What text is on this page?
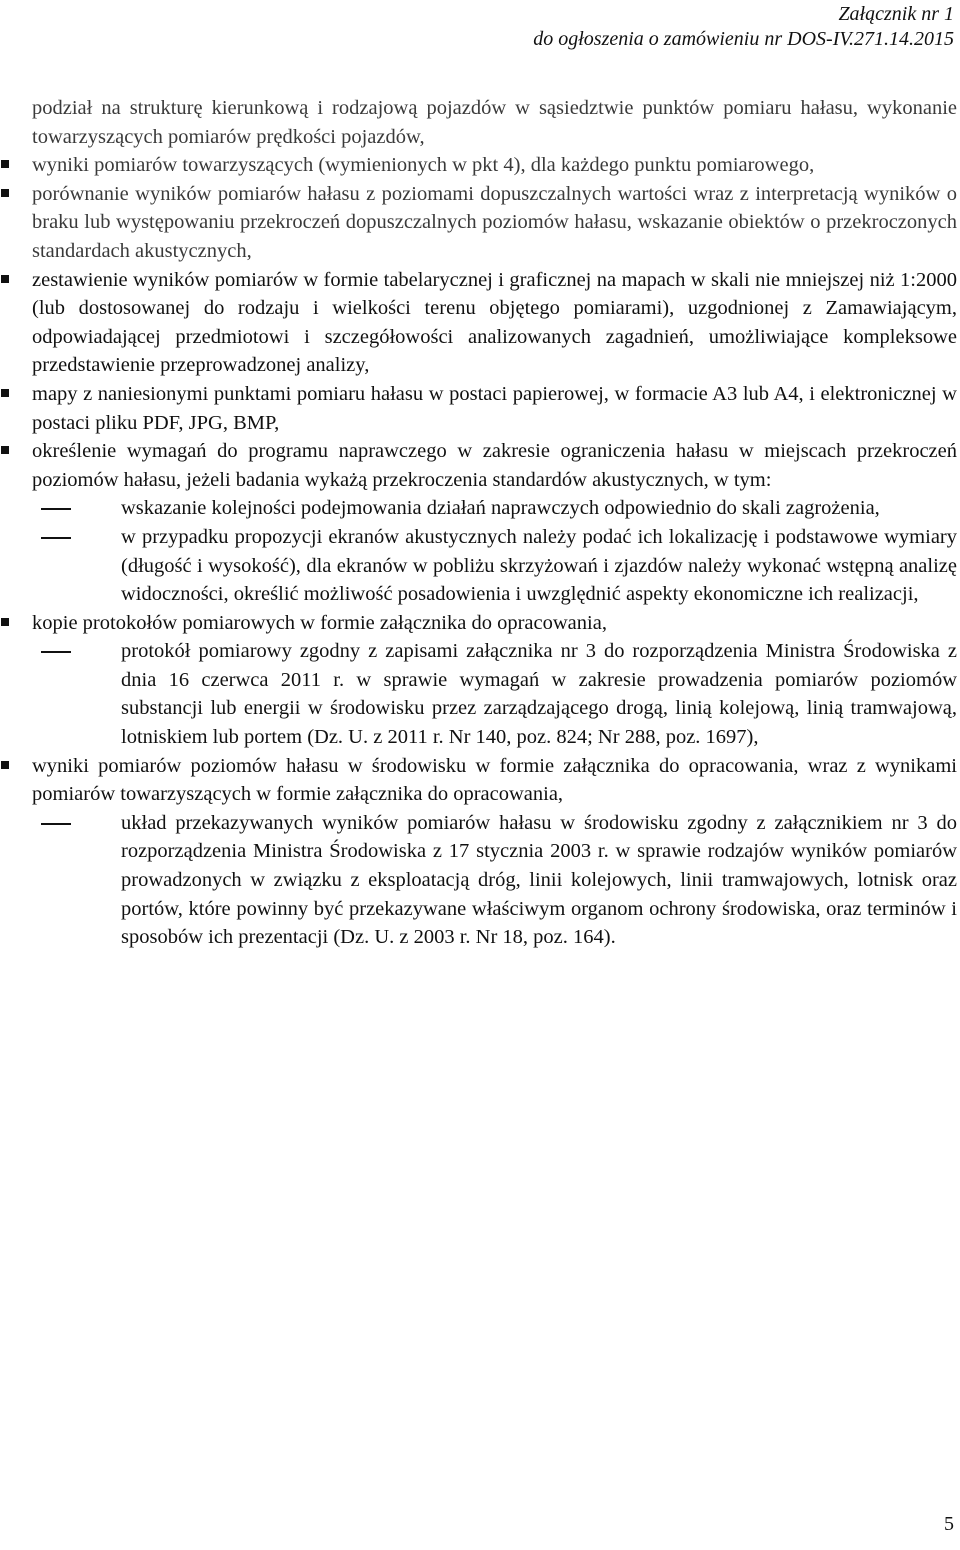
Załącznik nr 1
do ogłoszenia o zamówieniu nr DOS-IV.271.14.2015
podział na strukturę kierunkową i rodzajową pojazdów w sąsiedztwie punktów pomiaru hałasu, wykonanie towarzyszących pomiarów prędkości pojazdów,
wyniki pomiarów towarzyszących (wymienionych w pkt 4), dla każdego punktu pomiarowego,
porównanie wyników pomiarów hałasu z poziomami dopuszczalnych wartości wraz z interpretacją wyników o braku lub występowaniu przekroczeń dopuszczalnych poziomów hałasu, wskazanie obiektów o przekroczonych standardach akustycznych,
zestawienie wyników pomiarów w formie tabelarycznej i graficznej na mapach w skali nie mniejszej niż 1:2000 (lub dostosowanej do rodzaju i wielkości terenu objętego pomiarami), uzgodnionej z Zamawiającym, odpowiadającej przedmiotowi i szczegółowości analizowanych zagadnień, umożliwiające kompleksowe przedstawienie przeprowadzonej analizy,
mapy z naniesionymi punktami pomiaru hałasu w postaci papierowej, w formacie A3 lub A4, i elektronicznej w postaci pliku PDF, JPG, BMP,
określenie wymagań do programu naprawczego w zakresie ograniczenia hałasu w miejscach przekroczeń poziomów hałasu, jeżeli badania wykażą przekroczenia standardów akustycznych, w tym:
wskazanie kolejności podejmowania działań naprawczych odpowiednio do skali zagrożenia,
w przypadku propozycji ekranów akustycznych należy podać ich lokalizację i podstawowe wymiary (długość i wysokość), dla ekranów w pobliżu skrzyżowań i zjazdów należy wykonać wstępną analizę widoczności, określić możliwość posadowienia i uwzględnić aspekty ekonomiczne ich realizacji,
kopie protokołów pomiarowych w formie załącznika do opracowania,
protokół pomiarowy zgodny z zapisami załącznika nr 3 do rozporządzenia Ministra Środowiska z dnia 16 czerwca 2011 r. w sprawie wymagań w zakresie prowadzenia pomiarów poziomów substancji lub energii w środowisku przez zarządzającego drogą, linią kolejową, linią tramwajową, lotniskiem lub portem (Dz. U. z 2011 r. Nr 140, poz. 824; Nr 288, poz. 1697),
wyniki pomiarów poziomów hałasu w środowisku w formie załącznika do opracowania, wraz z wynikami pomiarów towarzyszących w formie załącznika do opracowania,
układ przekazywanych wyników pomiarów hałasu w środowisku zgodny z załącznikiem nr 3 do rozporządzenia Ministra Środowiska z 17 stycznia 2003 r. w sprawie rodzajów wyników pomiarów prowadzonych w związku z eksploatacją dróg, linii kolejowych, linii tramwajowych, lotnisk oraz portów, które powinny być przekazywane właściwym organom ochrony środowiska, oraz terminów i sposobów ich prezentacji (Dz. U. z 2003 r. Nr 18, poz. 164).
5
